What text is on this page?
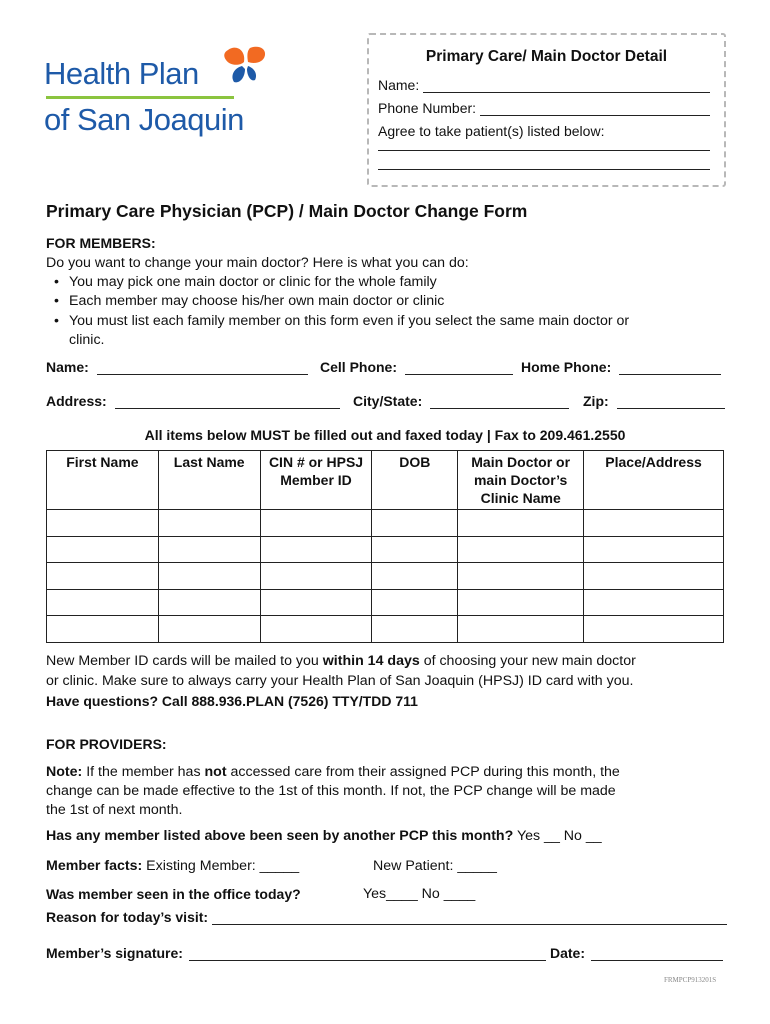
Health Plan
of San Joaquin
Primary Care/ Main Doctor Detail
Name:
Phone Number:
Agree to take patient(s) listed below:
Primary Care Physician (PCP) / Main Doctor Change Form
FOR MEMBERS:
Do you want to change your main doctor? Here is what you can do:
• You may pick one main doctor or clinic for the whole family
• Each member may choose his/her own main doctor or clinic
• You must list each family member on this form even if you select the same main doctor or
clinic.
Name:	Cell Phone:	Home Phone:
Address:	City/State:	Zip:
All items below MUST be filled out and faxed today | Fax to 209.461.2550
First Name	Last Name	CIN # or HPSJ Member ID	DOB	Main Doctor or main Doctor’s Clinic Name	Place/Address

New Member ID cards will be mailed to you within 14 days of choosing your new main doctor
or clinic. Make sure to always carry your Health Plan of San Joaquin (HPSJ) ID card with you.
Have questions? Call 888.936.PLAN (7526) TTY/TDD 711
FOR PROVIDERS:
Note: If the member has not accessed care from their assigned PCP during this month, the
change can be made effective to the 1st of this month. If not, the PCP change will be made
the 1st of next month.
Has any member listed above been seen by another PCP this month? Yes __ No __
Member facts: Existing Member: _____	New Patient: _____
Was member seen in the office today?	Yes____ No ____
Reason for today’s visit:
Member’s signature:	Date:
FRMPCP913201S
